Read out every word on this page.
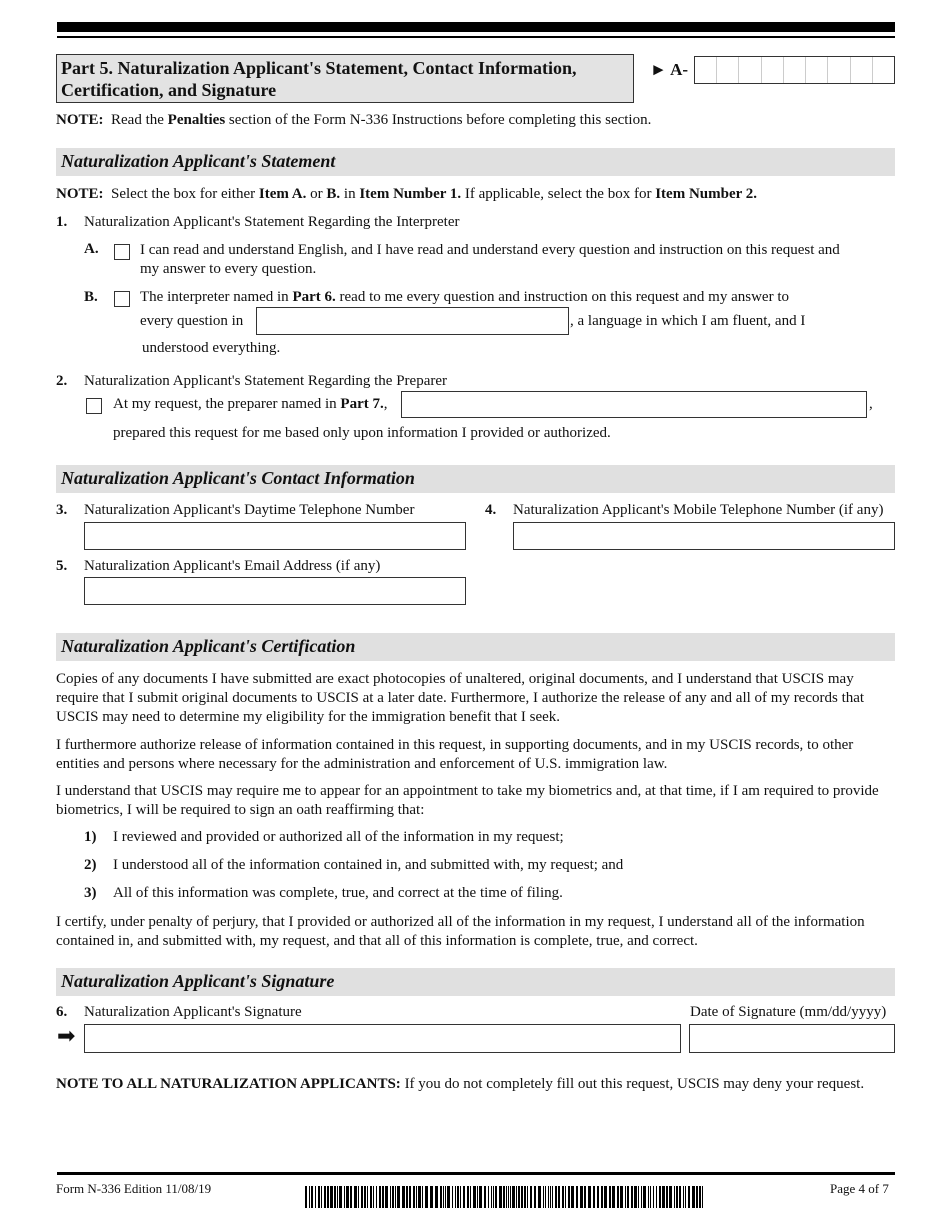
Part 5. Naturalization Applicant's Statement, Contact Information, Certification, and Signature
► A-
NOTE: Read the Penalties section of the Form N-336 Instructions before completing this section.
Naturalization Applicant's Statement
NOTE: Select the box for either Item A. or B. in Item Number 1. If applicable, select the box for Item Number 2.
1. Naturalization Applicant's Statement Regarding the Interpreter
A.	I can read and understand English, and I have read and understand every question and instruction on this request and my answer to every question.
B.	The interpreter named in Part 6. read to me every question and instruction on this request and my answer to
every question in	, a language in which I am fluent, and I
understood everything.
2. Naturalization Applicant's Statement Regarding the Preparer
At my request, the preparer named in Part 7.,	,
prepared this request for me based only upon information I provided or authorized.
Naturalization Applicant's Contact Information
3. Naturalization Applicant's Daytime Telephone Number	4. Naturalization Applicant's Mobile Telephone Number (if any)
5. Naturalization Applicant's Email Address (if any)
Naturalization Applicant's Certification
Copies of any documents I have submitted are exact photocopies of unaltered, original documents, and I understand that USCIS may require that I submit original documents to USCIS at a later date. Furthermore, I authorize the release of any and all of my records that USCIS may need to determine my eligibility for the immigration benefit that I seek.
I furthermore authorize release of information contained in this request, in supporting documents, and in my USCIS records, to other entities and persons where necessary for the administration and enforcement of U.S. immigration law.
I understand that USCIS may require me to appear for an appointment to take my biometrics and, at that time, if I am required to provide biometrics, I will be required to sign an oath reaffirming that:
1) I reviewed and provided or authorized all of the information in my request;
2) I understood all of the information contained in, and submitted with, my request; and
3) All of this information was complete, true, and correct at the time of filing.
I certify, under penalty of perjury, that I provided or authorized all of the information in my request, I understand all of the information contained in, and submitted with, my request, and that all of this information is complete, true, and correct.
Naturalization Applicant's Signature
6. Naturalization Applicant's Signature	Date of Signature (mm/dd/yyyy)
➡
NOTE TO ALL NATURALIZATION APPLICANTS: If you do not completely fill out this request, USCIS may deny your request.
Form N-336 Edition 11/08/19	Page 4 of 7
